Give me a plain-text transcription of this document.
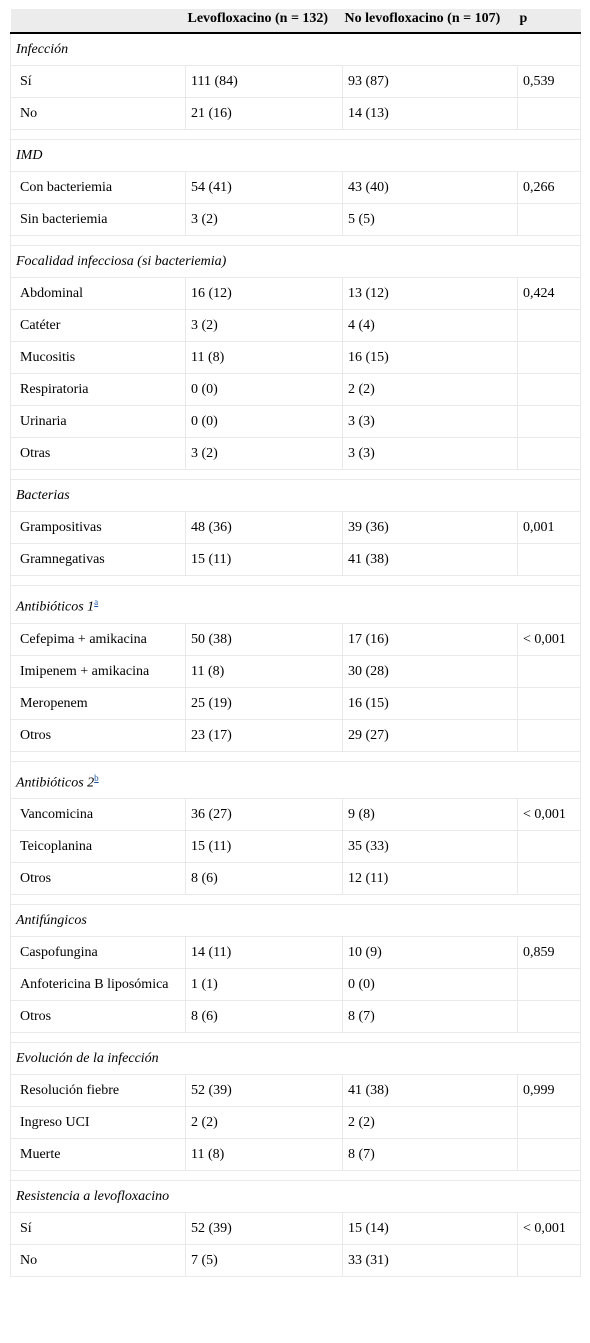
	Levofloxacino (n = 132)	No levofloxacino (n = 107)	p
Infección			
Sí	111 (84)	93 (87)	0,539
No	21 (16)	14 (13)	

IMD			
Con bacteriemia	54 (41)	43 (40)	0,266
Sin bacteriemia	3 (2)	5 (5)	

Focalidad infecciosa (si bacteriemia)			
Abdominal	16 (12)	13 (12)	0,424
Catéter	3 (2)	4 (4)	
Mucositis	11 (8)	16 (15)	
Respiratoria	0 (0)	2 (2)	
Urinaria	0 (0)	3 (3)	
Otras	3 (2)	3 (3)	

Bacterias			
Grampositivas	48 (36)	39 (36)	0,001
Gramnegativas	15 (11)	41 (38)	

Antibióticos 1$^a$
Cefepima + amikacina	50 (38)	17 (16)	< 0,001
Imipenem + amikacina	11 (8)	30 (28)	
Meropenem	25 (19)	16 (15)	
Otros	23 (17)	29 (27)	

Antibióticos 2$^b$
Vancomicina	36 (27)	9 (8)	< 0,001
Teicoplanina	15 (11)	35 (33)	
Otros	8 (6)	12 (11)	

Antifúngicos			
Caspofungina	14 (11)	10 (9)	0,859
Anfotericina B liposómica	1 (1)	0 (0)	
Otros	8 (6)	8 (7)	

Evolución de la infección			
Resolución fiebre	52 (39)	41 (38)	0,999
Ingreso UCI	2 (2)	2 (2)	
Muerte	11 (8)	8 (7)	

Resistencia a levofloxacino			
Sí	52 (39)	15 (14)	< 0,001
No	7 (5)	33 (31)	
